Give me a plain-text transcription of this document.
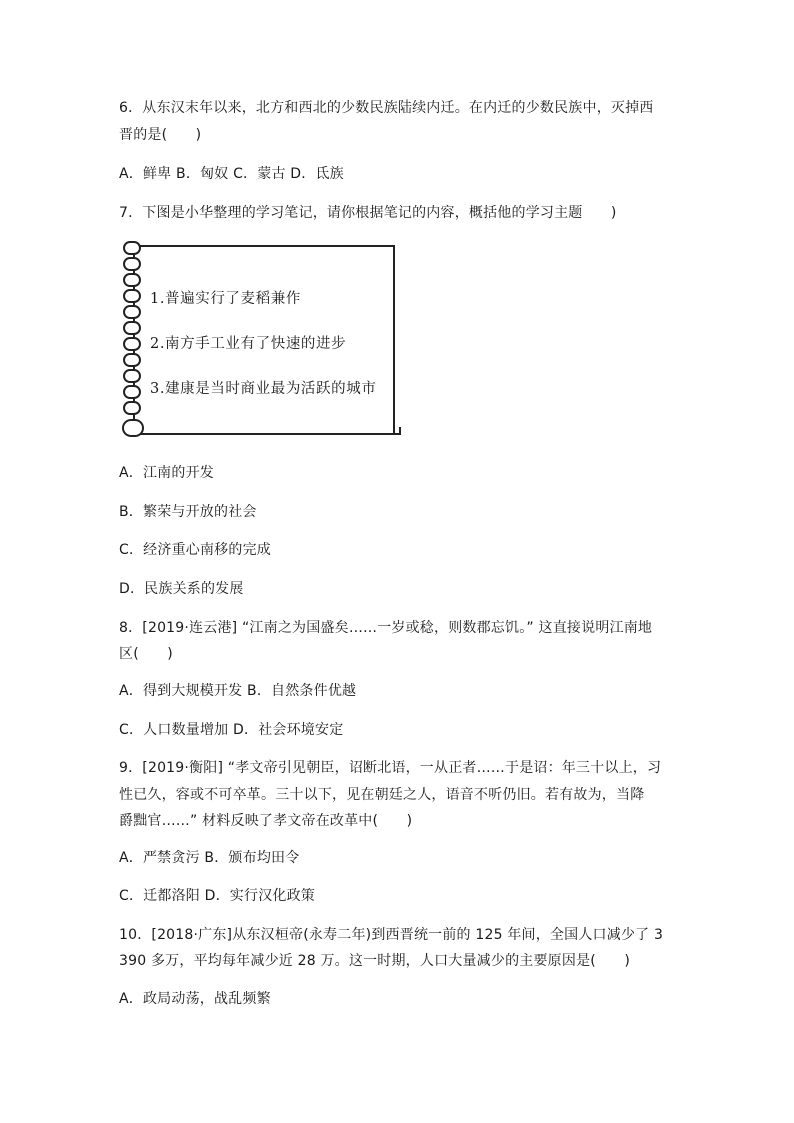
6．从东汉末年以来，北方和西北的少数民族陆续内迁。在内迁的少数民族中，灭掉西
晋的是(　　)
A．鲜卑 B．匈奴 C．蒙古 D．氐族
7．下图是小华整理的学习笔记，请你根据笔记的内容，概括他的学习主题　　)
1.普遍实行了麦稻兼作
2.南方手工业有了快速的进步
3.建康是当时商业最为活跃的城市
A．江南的开发
B．繁荣与开放的社会
C．经济重心南移的完成
D．民族关系的发展
8．[2019·连云港] “江南之为国盛矣……一岁或稔，则数郡忘饥。” 这直接说明江南地
区(　　)
A．得到大规模开发 B．自然条件优越
C．人口数量增加 D．社会环境安定
9．[2019·衡阳] “孝文帝引见朝臣，诏断北语，一从正者……于是诏：年三十以上，习
性已久，容或不可卒革。三十以下，见在朝廷之人，语音不听仍旧。若有故为，当降
爵黜官……” 材料反映了孝文帝在改革中(　　)
A．严禁贪污 B．颁布均田令
C．迁都洛阳 D．实行汉化政策
10．[2018·广东]从东汉桓帝(永寿二年)到西晋统一前的 125 年间，全国人口减少了 3
390 多万，平均每年减少近 28 万。这一时期，人口大量减少的主要原因是(　　)
A．政局动荡，战乱频繁
